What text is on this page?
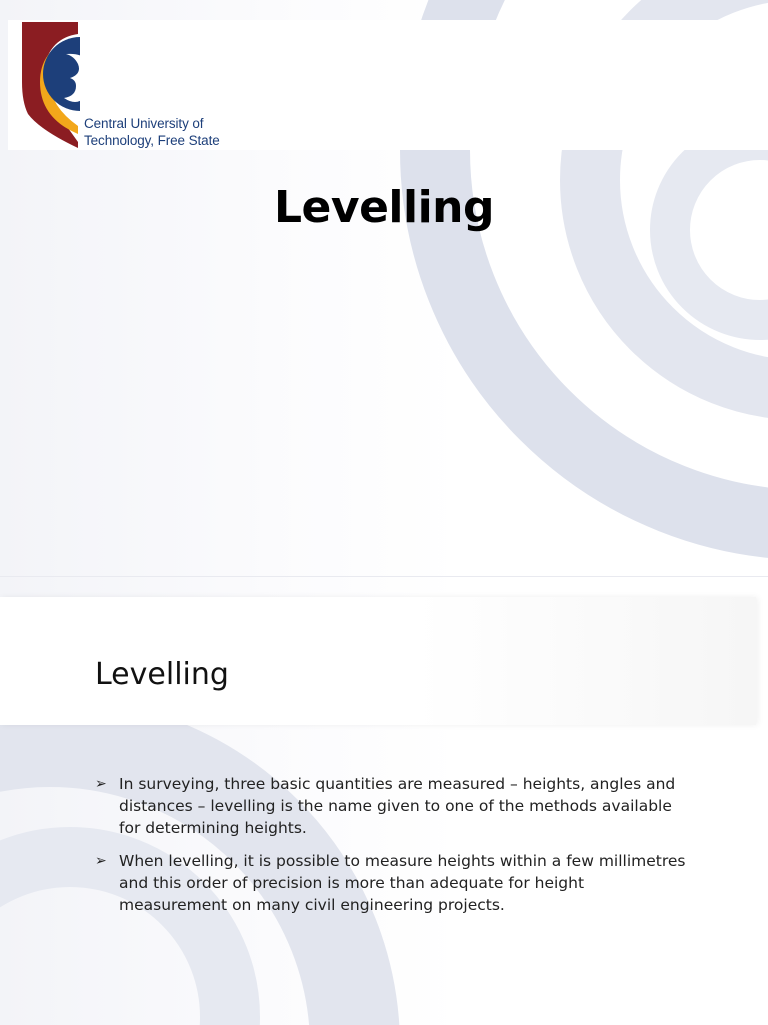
Central University of
Technology, Free State
Levelling
Levelling
➢ In surveying, three basic quantities are measured – heights, angles and distances – levelling is the name given to one of the methods available for determining heights.
➢ When levelling, it is possible to measure heights within a few millimetres and this order of precision is more than adequate for height measurement on many civil engineering projects.
